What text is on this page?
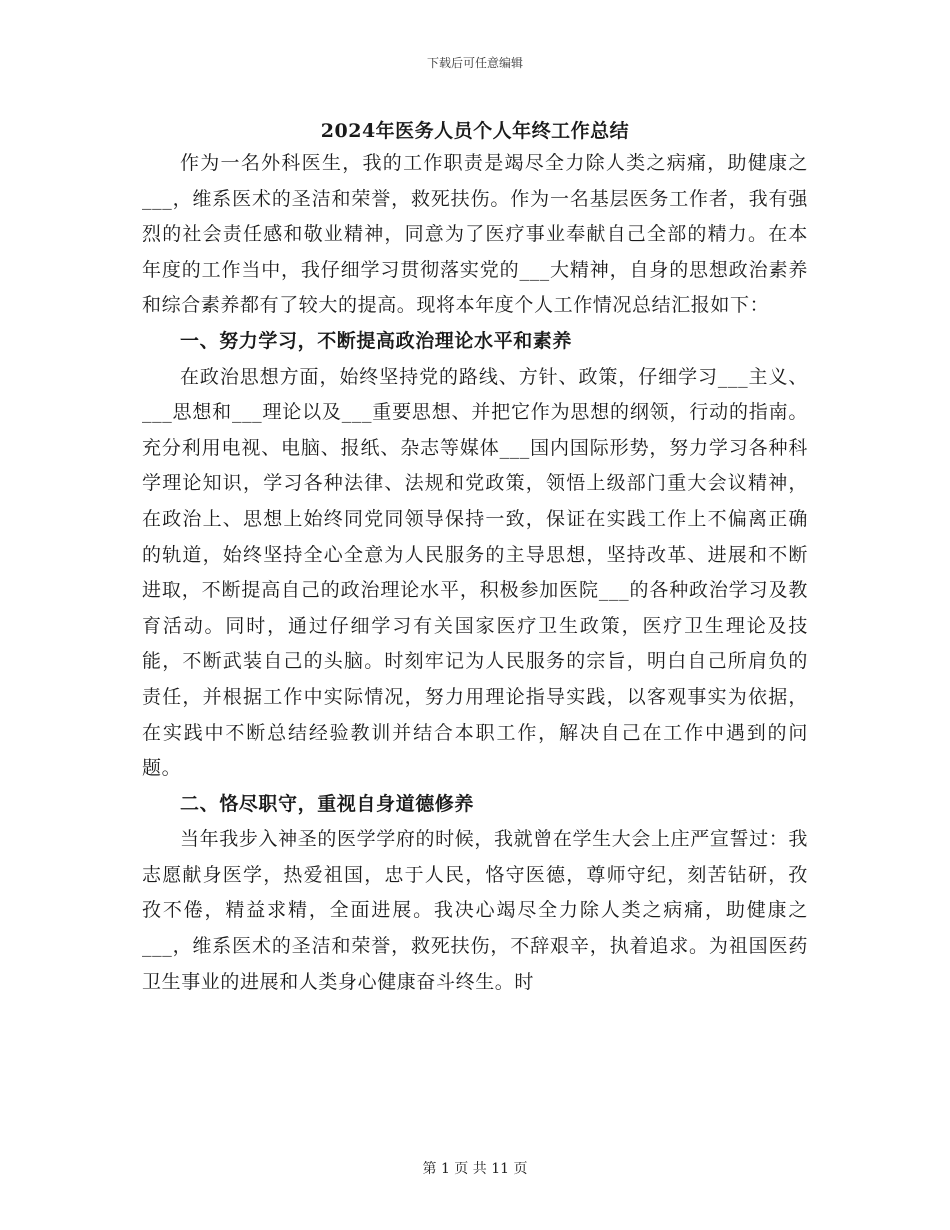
下载后可任意编辑
2024年医务人员个人年终工作总结

作为一名外科医生，我的工作职责是竭尽全力除人类之病痛，助健康之___，维系医术的圣洁和荣誉，救死扶伤。作为一名基层医务工作者，我有强烈的社会责任感和敬业精神，同意为了医疗事业奉献自己全部的精力。在本年度的工作当中，我仔细学习贯彻落实党的___大精神，自身的思想政治素养和综合素养都有了较大的提高。现将本年度个人工作情况总结汇报如下：

一、努力学习，不断提高政治理论水平和素养

在政治思想方面，始终坚持党的路线、方针、政策，仔细学习___主义、___思想和___理论以及___重要思想、并把它作为思想的纲领，行动的指南。充分利用电视、电脑、报纸、杂志等媒体___国内国际形势，努力学习各种科学理论知识，学习各种法律、法规和党政策，领悟上级部门重大会议精神，在政治上、思想上始终同党同领导保持一致，保证在实践工作上不偏离正确的轨道，始终坚持全心全意为人民服务的主导思想，坚持改革、进展和不断进取，不断提高自己的政治理论水平，积极参加医院___的各种政治学习及教育活动。同时，通过仔细学习有关国家医疗卫生政策，医疗卫生理论及技能，不断武装自己的头脑。时刻牢记为人民服务的宗旨，明白自己所肩负的责任，并根据工作中实际情况，努力用理论指导实践，以客观事实为依据，在实践中不断总结经验教训并结合本职工作，解决自己在工作中遇到的问题。

二、恪尽职守，重视自身道德修养

当年我步入神圣的医学学府的时候，我就曾在学生大会上庄严宣誓过：我志愿献身医学，热爱祖国，忠于人民，恪守医德，尊师守纪，刻苦钻研，孜孜不倦，精益求精，全面进展。我决心竭尽全力除人类之病痛，助健康之___，维系医术的圣洁和荣誉，救死扶伤，不辞艰辛，执着追求。为祖国医药卫生事业的进展和人类身心健康奋斗终生。时

第 1 页 共 11 页
